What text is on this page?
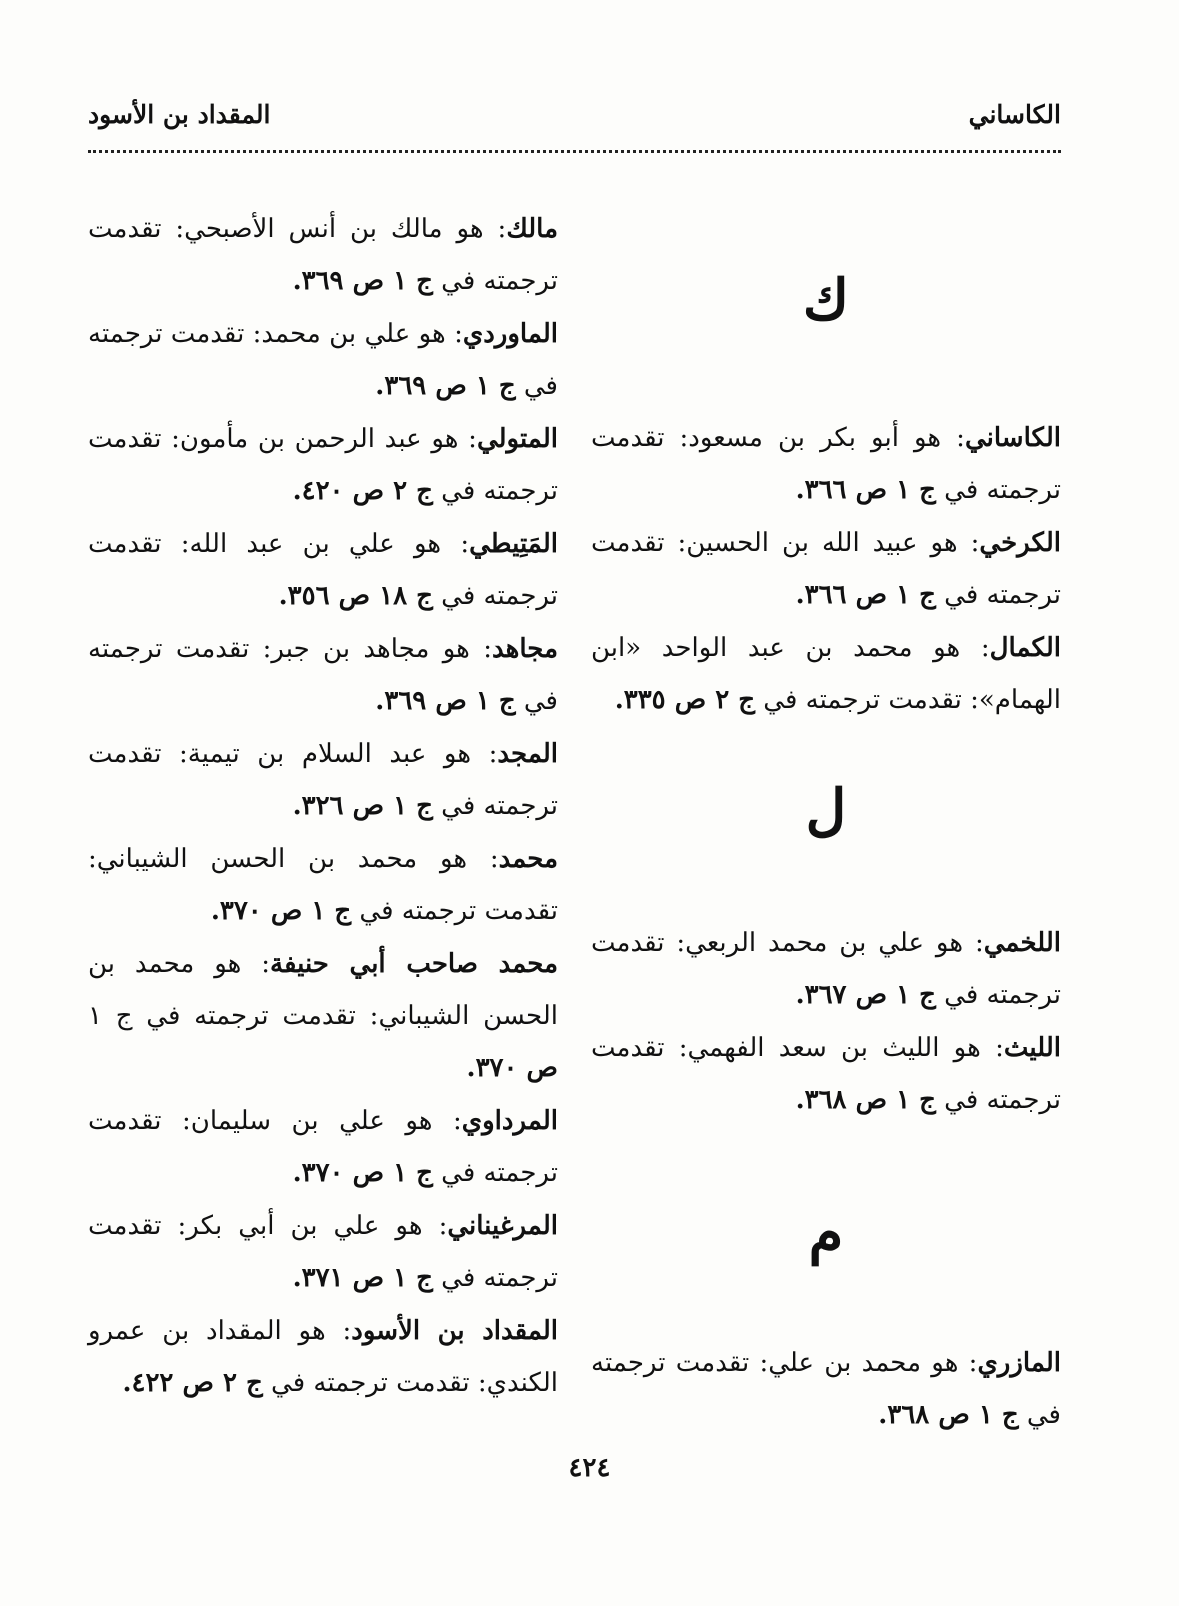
الكاساني
المقداد بن الأسود
ك

الكاساني: هو أبو بكر بن مسعود: تقدمت ترجمته في ج ١ ص ٣٦٦.

الكرخي: هو عبيد الله بن الحسين: تقدمت ترجمته في ج ١ ص ٣٦٦.

الكمال: هو محمد بن عبد الواحد «ابن الهمام»: تقدمت ترجمته في ج ٢ ص ٣٣٥.

ل

اللخمي: هو علي بن محمد الربعي: تقدمت ترجمته في ج ١ ص ٣٦٧.

الليث: هو الليث بن سعد الفهمي: تقدمت ترجمته في ج ١ ص ٣٦٨.

م

المازري: هو محمد بن علي: تقدمت ترجمته في ج ١ ص ٣٦٨.

مالك: هو مالك بن أنس الأصبحي: تقدمت ترجمته في ج ١ ص ٣٦٩.

الماوردي: هو علي بن محمد: تقدمت ترجمته في ج ١ ص ٣٦٩.

المتولي: هو عبد الرحمن بن مأمون: تقدمت ترجمته في ج ٢ ص ٤٢٠.

المَتِيطي: هو علي بن عبد الله: تقدمت ترجمته في ج ١٨ ص ٣٥٦.

مجاهد: هو مجاهد بن جبر: تقدمت ترجمته في ج ١ ص ٣٦٩.

المجد: هو عبد السلام بن تيمية: تقدمت ترجمته في ج ١ ص ٣٢٦.

محمد: هو محمد بن الحسن الشيباني: تقدمت ترجمته في ج ١ ص ٣٧٠.

محمد صاحب أبي حنيفة: هو محمد بن الحسن الشيباني: تقدمت ترجمته في ج ١ ص ٣٧٠.

المرداوي: هو علي بن سليمان: تقدمت ترجمته في ج ١ ص ٣٧٠.

المرغيناني: هو علي بن أبي بكر: تقدمت ترجمته في ج ١ ص ٣٧١.

المقداد بن الأسود: هو المقداد بن عمرو الكندي: تقدمت ترجمته في ج ٢ ص ٤٢٢.

٤٢٤
